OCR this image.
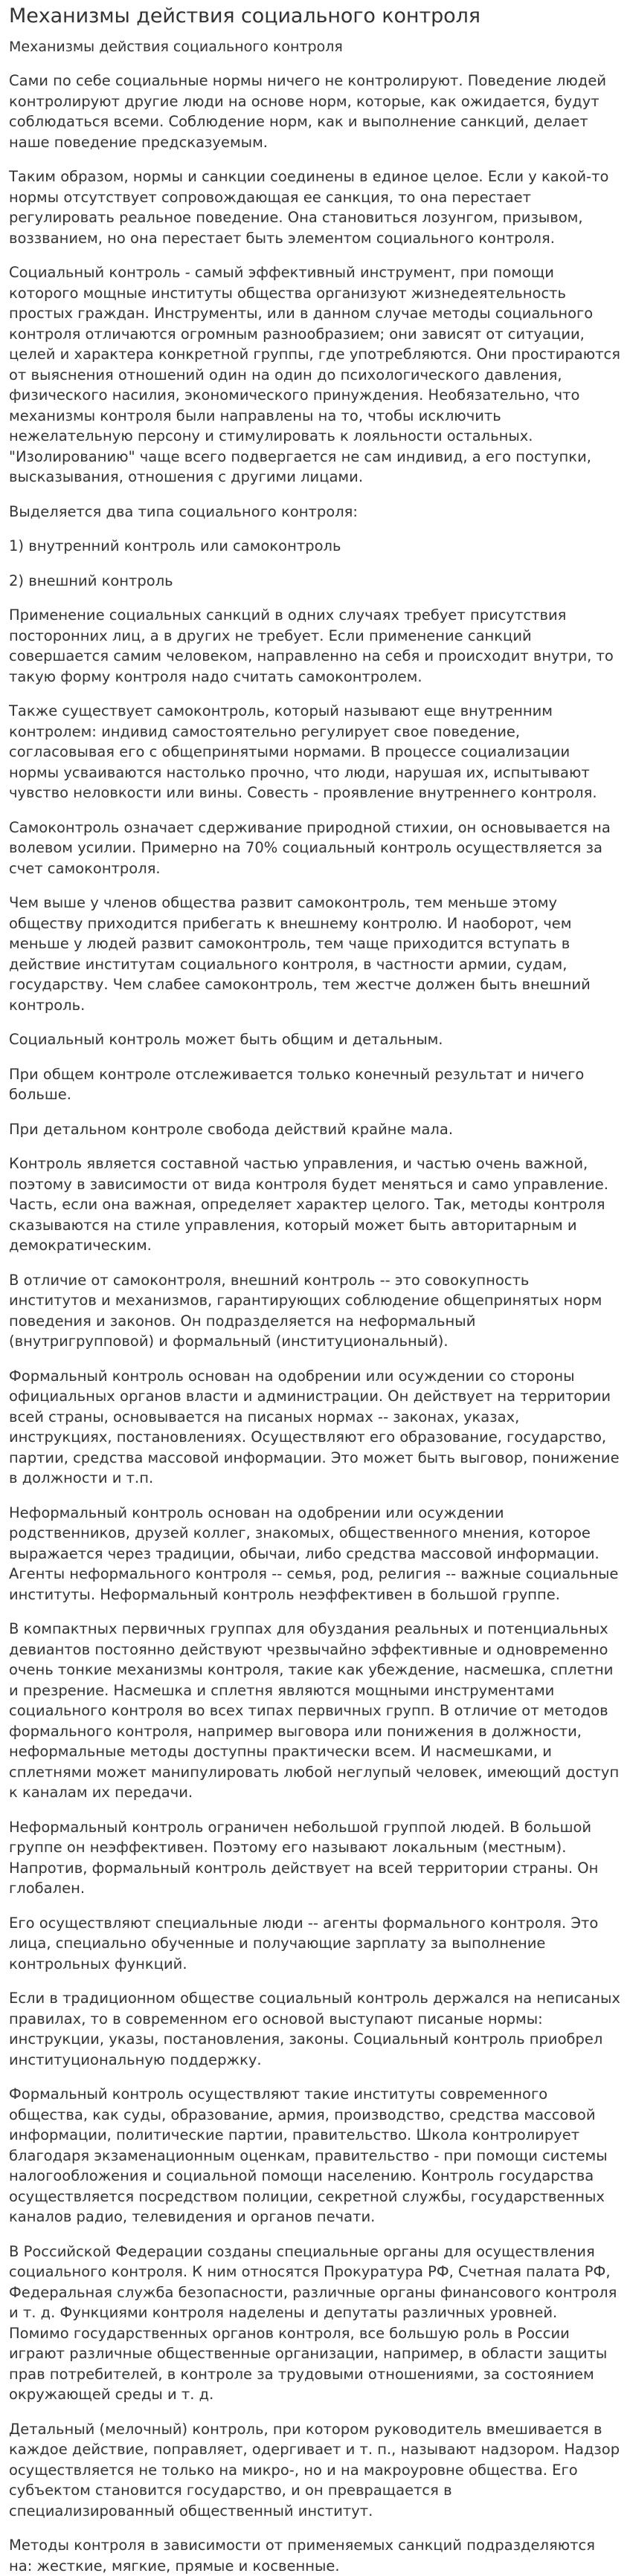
Механизмы действия социального контроля
Механизмы действия социального контроля

Сами по себе социальные нормы ничего не контролируют. Поведение людей контролируют другие люди на основе норм, которые, как ожидается, будут соблюдаться всеми. Соблюдение норм, как и выполнение санкций, делает наше поведение предсказуемым.

Таким образом, нормы и санкции соединены в единое целое. Если у какой-то нормы отсутствует сопровождающая ее санкция, то она перестает регулировать реальное поведение. Она становиться лозунгом, призывом, воззванием, но она перестает быть элементом социального контроля.

Социальный контроль - самый эффективный инструмент, при помощи которого мощные институты общества организуют жизнедеятельность простых граждан. Инструменты, или в данном случае методы социального контроля отличаются огромным разнообразием; они зависят от ситуации, целей и характера конкретной группы, где употребляются. Они простираются от выяснения отношений один на один до психологического давления, физического насилия, экономического принуждения. Необязательно, что механизмы контроля были направлены на то, чтобы исключить нежелательную персону и стимулировать к лояльности остальных. "Изолированию" чаще всего подвергается не сам индивид, а его поступки, высказывания, отношения с другими лицами.

Выделяется два типа социального контроля:

1) внутренний контроль или самоконтроль

2) внешний контроль

Применение социальных санкций в одних случаях требует присутствия посторонних лиц, а в других не требует. Если применение санкций совершается самим человеком, направленно на себя и происходит внутри, то такую форму контроля надо считать самоконтролем.

Также существует самоконтроль, который называют еще внутренним контролем: индивид самостоятельно регулирует свое поведение, согласовывая его с общепринятыми нормами. В процессе социализации нормы усваиваются настолько прочно, что люди, нарушая их, испытывают чувство неловкости или вины. Совесть - проявление внутреннего контроля.

Самоконтроль означает сдерживание природной стихии, он основывается на волевом усилии. Примерно на 70% социальный контроль осуществляется за счет самоконтроля.

Чем выше у членов общества развит самоконтроль, тем меньше этому обществу приходится прибегать к внешнему контролю. И наоборот, чем меньше у людей развит самоконтроль, тем чаще приходится вступать в действие институтам социального контроля, в частности армии, судам, государству. Чем слабее самоконтроль, тем жестче должен быть внешний контроль.

Социальный контроль может быть общим и детальным.

При общем контроле отслеживается только конечный результат и ничего больше.

При детальном контроле свобода действий крайне мала.

Контроль является составной частью управления, и частью очень важной, поэтому в зависимости от вида контроля будет меняться и само управление. Часть, если она важная, определяет характер целого. Так, методы контроля сказываются на стиле управления, который может быть авторитарным и демократическим.

В отличие от самоконтроля, внешний контроль -- это совокупность институтов и механизмов, гарантирующих соблюдение общепринятых норм поведения и законов. Он подразделяется на неформальный (внутригрупповой) и формальный (институциональный).

Формальный контроль основан на одобрении или осуждении со стороны официальных органов власти и администрации. Он действует на территории всей страны, основывается на писаных нормах -- законах, указах, инструкциях, постановлениях. Осуществляют его образование, государство, партии, средства массовой информации. Это может быть выговор, понижение в должности и т.п.

Неформальный контроль основан на одобрении или осуждении родственников, друзей коллег, знакомых, общественного мнения, которое выражается через традиции, обычаи, либо средства массовой информации. Агенты неформального контроля -- семья, род, религия -- важные социальные институты. Неформальный контроль неэффективен в большой группе.

В компактных первичных группах для обуздания реальных и потенциальных девиантов постоянно действуют чрезвычайно эффективные и одновременно очень тонкие механизмы контроля, такие как убеждение, насмешка, сплетни и презрение. Насмешка и сплетня являются мощными инструментами социального контроля во всех типах первичных групп. В отличие от методов формального контроля, например выговора или понижения в должности, неформальные методы доступны практически всем. И насмешками, и сплетнями может манипулировать любой неглупый человек, имеющий доступ к каналам их передачи.

Неформальный контроль ограничен небольшой группой людей. В большой группе он неэффективен. Поэтому его называют локальным (местным). Напротив, формальный контроль действует на всей территории страны. Он глобален.

Его осуществляют специальные люди -- агенты формального контроля. Это лица, специально обученные и получающие зарплату за выполнение контрольных функций.

Если в традиционном обществе социальный контроль держался на неписаных правилах, то в современном его основой выступают писаные нормы: инструкции, указы, постановления, законы. Социальный контроль приобрел институциональную поддержку.

Формальный контроль осуществляют такие институты современного общества, как суды, образование, армия, производство, средства массовой информации, политические партии, правительство. Школа контролирует благодаря экзаменационным оценкам, правительство - при помощи системы налогообложения и социальной помощи населению. Контроль государства осуществляется посредством полиции, секретной службы, государственных каналов радио, телевидения и органов печати.

В Российской Федерации созданы специальные органы для осуществления социального контроля. К ним относятся Прокуратура РФ, Счетная палата РФ, Федеральная служба безопасности, различные органы финансового контроля и т. д. Функциями контроля наделены и депутаты различных уровней. Помимо государственных органов контроля, все большую роль в России играют различные общественные организации, например, в области защиты прав потребителей, в контроле за трудовыми отношениями, за состоянием окружающей среды и т. д.

Детальный (мелочный) контроль, при котором руководитель вмешивается в каждое действие, поправляет, одергивает и т. п., называют надзором. Надзор осуществляется не только на микро-, но и на макроуровне общества. Его субъектом становится государство, и он превращается в специализированный общественный институт.

Методы контроля в зависимости от применяемых санкций подразделяются на: жесткие, мягкие, прямые и косвенные.
